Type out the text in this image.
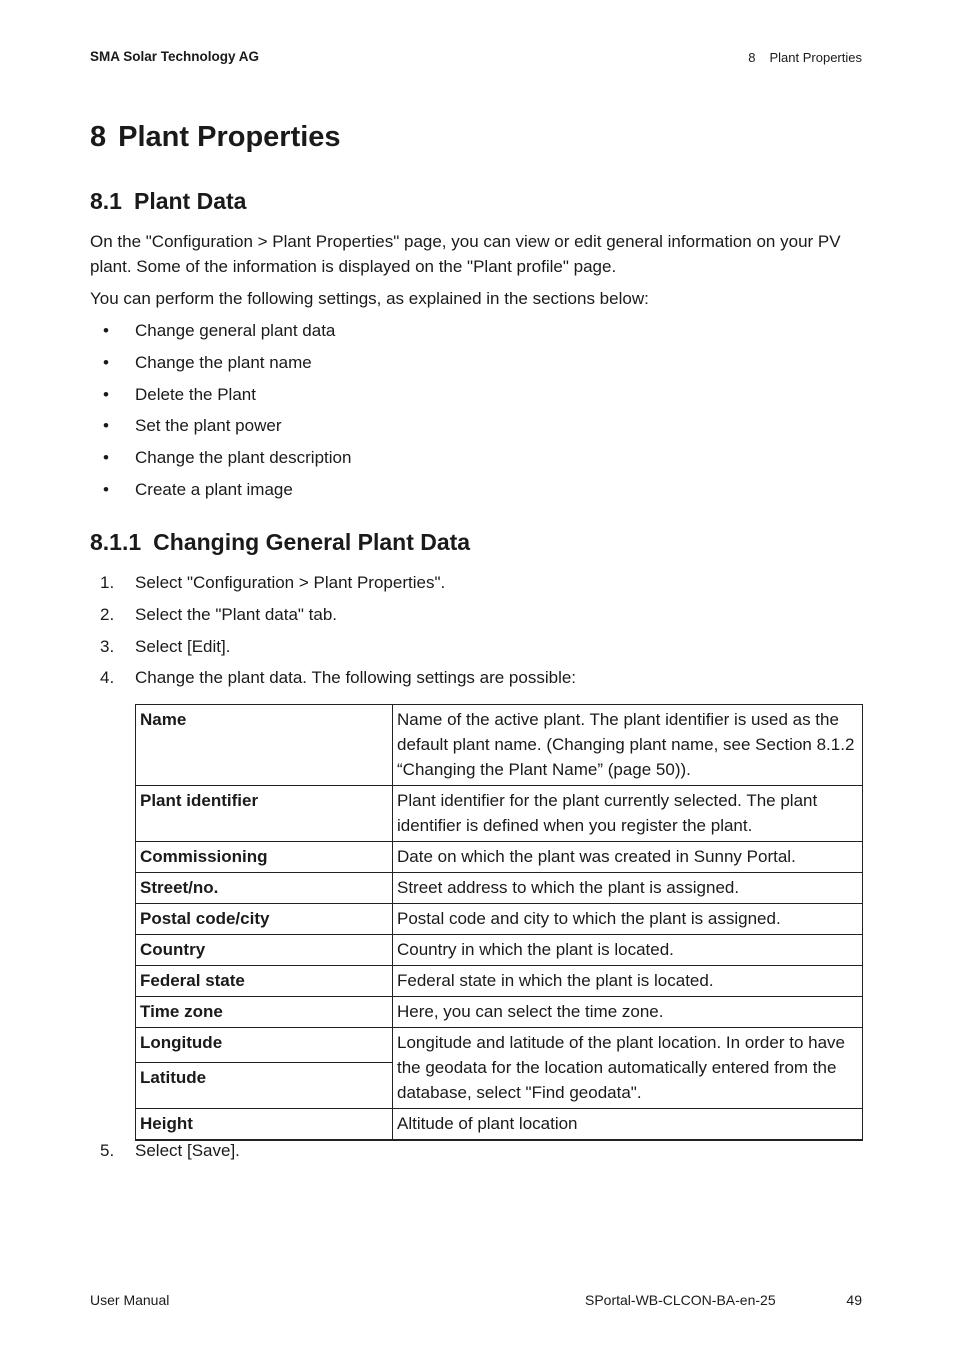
SMA Solar Technology AG	8 Plant Properties
8 Plant Properties
8.1 Plant Data

On the "Configuration > Plant Properties" page, you can view or edit general information on your PV plant. Some of the information is displayed on the "Plant profile" page.

You can perform the following settings, as explained in the sections below:

• Change general plant data
• Change the plant name
• Delete the Plant
• Set the plant power
• Change the plant description
• Create a plant image
8.1.1 Changing General Plant Data
1. Select "Configuration > Plant Properties".
2. Select the "Plant data" tab.
3. Select [Edit].
4. Change the plant data. The following settings are possible:
Name	Name of the active plant. The plant identifier is used as the default plant name. (Changing plant name, see Section 8.1.2 “Changing the Plant Name” (page 50)).
Plant identifier	Plant identifier for the plant currently selected. The plant identifier is defined when you register the plant.
Commissioning	Date on which the plant was created in Sunny Portal.
Street/no.	Street address to which the plant is assigned.
Postal code/city	Postal code and city to which the plant is assigned.
Country	Country in which the plant is located.
Federal state	Federal state in which the plant is located.
Time zone	Here, you can select the time zone.
Longitude	Longitude and latitude of the plant location. In order to have the geodata for the location automatically entered from the database, select "Find geodata".
Latitude	
Height	Altitude of plant location
5. Select [Save].
User Manual	SPortal-WB-CLCON-BA-en-25	49
